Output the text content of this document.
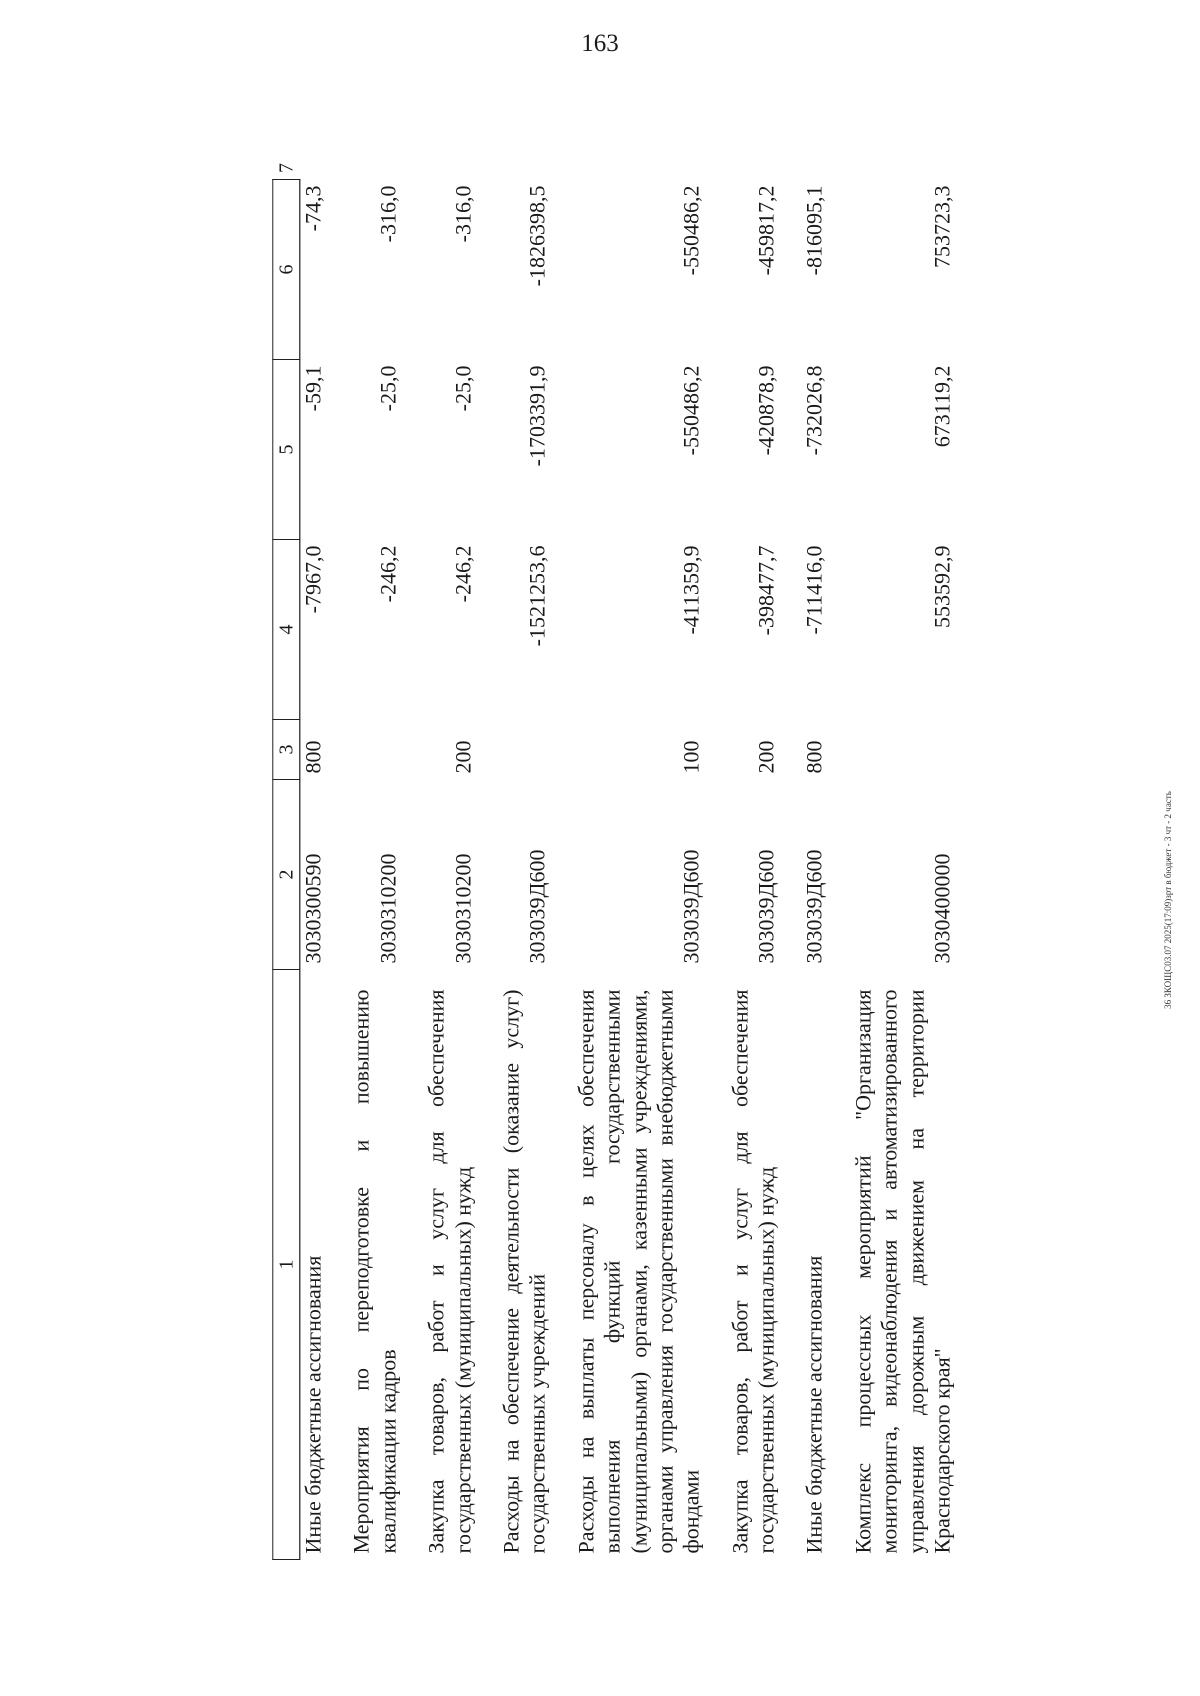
163
1	2	3	4	5	6	7
Иные бюджетные ассигнования	3030300590	800	-7967,0	-59,1	-74,3	
Мероприятия по переподготовке и повышению квалификации кадров	3030310200		-246,2	-25,0	-316,0	
Закупка товаров, работ и услуг для обеспечения государственных (муниципальных) нужд	3030310200	200	-246,2	-25,0	-316,0	
Расходы на обеспечение деятельности (оказание услуг) государственных учреждений	303039Д600		-1521253,6	-1703391,9	-1826398,5	
Расходы на выплаты персоналу в целях обеспечения выполнения функций государственными (муниципальными) органами, казенными учреждениями, органами управления государственными внебюджетными фондами	303039Д600	100	-411359,9	-550486,2	-550486,2	
Закупка товаров, работ и услуг для обеспечения государственных (муниципальных) нужд	303039Д600	200	-398477,7	-420878,9	-459817,2	
Иные бюджетные ассигнования	303039Д600	800	-711416,0	-732026,8	-816095,1	
Комплекс процессных мероприятий "Организация мониторинга, видеонаблюдения и автоматизированного управления дорожным движением на территории Краснодарского края"	3030400000		553592,9	673119,2	753723,3	
36 ЗКОЩС03.07 2025(17:09)зрт в бюджет - 3 чт - 2 часть
